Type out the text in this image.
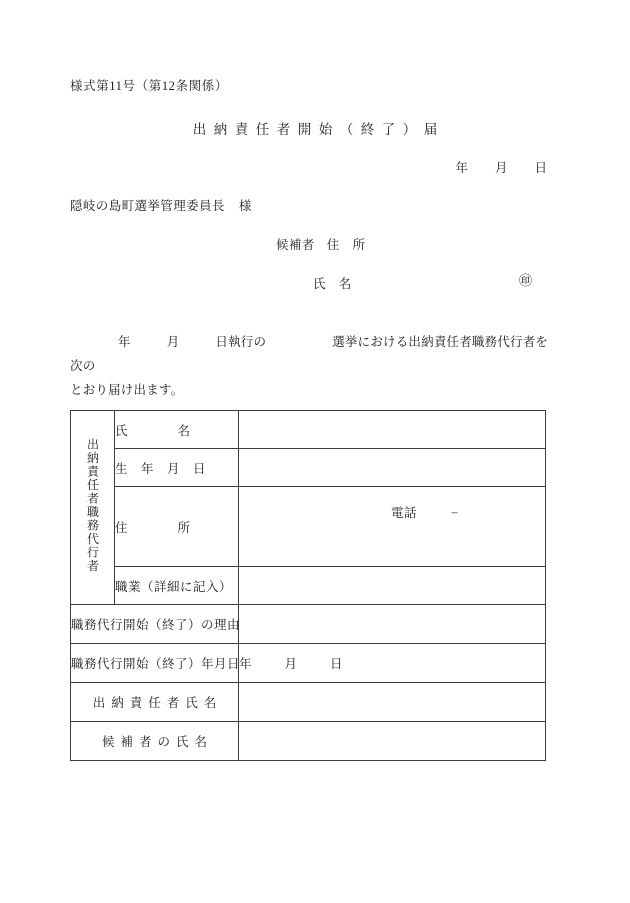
様式第11号（第12条関係）
出納責任者開始（終了）届
年 月 日
隠岐の島町選挙管理委員長 様
候補者 住　所
氏　名	㊞
年	月	日執行の	選挙における出納責任者職務代行者を次の
とおり届け出ます。
出納責任者職務代行者	氏　　　　名	

	生　年　月　日	

	住　　　　所	電話 −

	職業（詳細に記入）	
職務代行開始（終了）の理由		
職務代行開始（終了）年月日		年 月 日
出納責任者氏名		
候補者の氏名		
